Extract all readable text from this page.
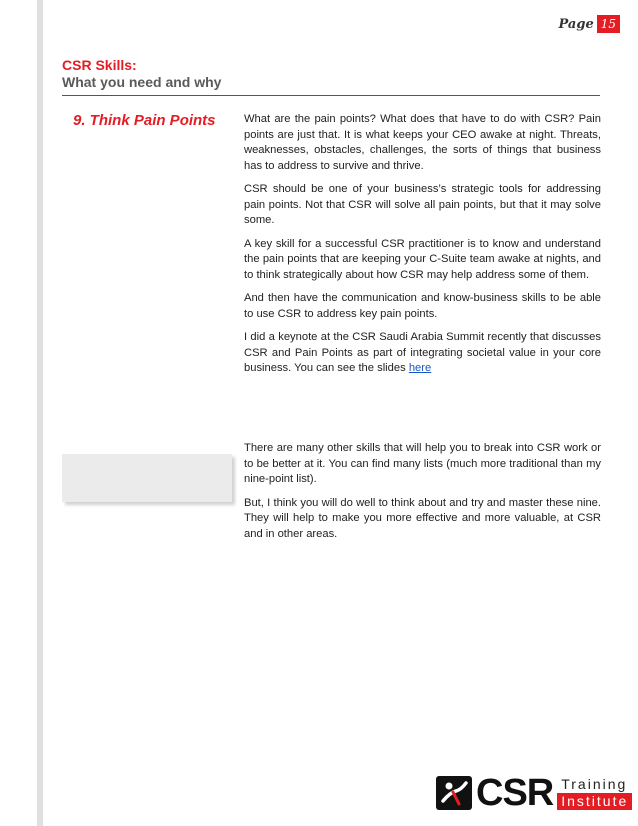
Page 15
CSR Skills:
What you need and why
9. Think Pain Points	What are the pain points? What does that have to do with CSR? Pain points are just that. It is what keeps your CEO awake at night. Threats, weaknesses, obstacles, challenges, the sorts of things that business has to address to survive and thrive.

CSR should be one of your business’s strategic tools for addressing pain points. Not that CSR will solve all pain points, but that it may solve some.

A key skill for a successful CSR practitioner is to know and understand the pain points that are keeping your C-Suite team awake at nights, and to think strategically about how CSR may help address some of them.

And then have the communication and know-business skills to be able to use CSR to address key pain points.

I did a keynote at the CSR Saudi Arabia Summit recently that discusses CSR and Pain Points as part of integrating societal value in your core business. You can see the slides here

There are many other skills that will help you to break into CSR work or to be better at it. You can find many lists (much more traditional than my nine-point list).

But, I think you will do well to think about and try and master these nine. They will help to make you more effective and more valuable, at CSR and in other areas.

CSR Training
Institute
